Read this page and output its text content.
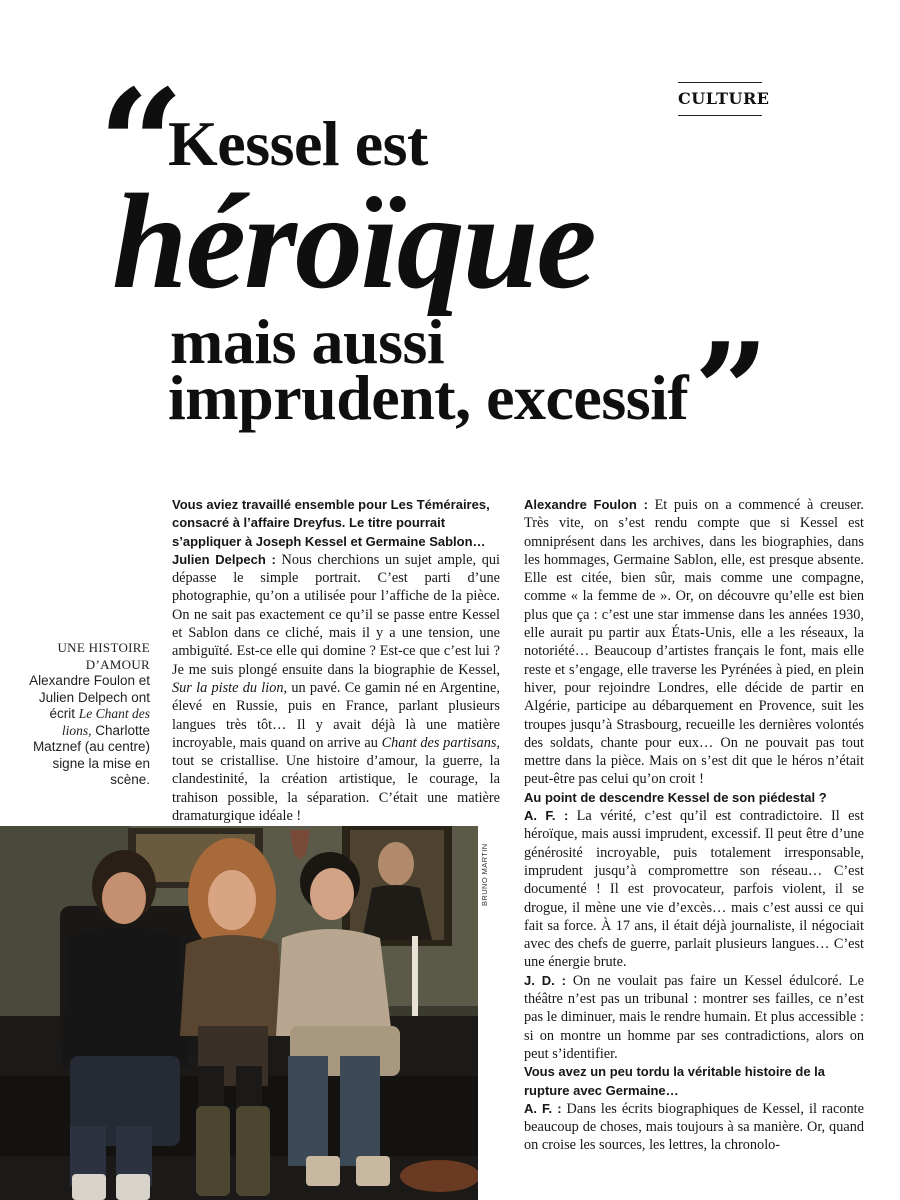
CULTURE
“ Kessel est
héroïque
mais aussi
imprudent, excessif ”
UNE HISTOIRE D’AMOUR
Alexandre Foulon et Julien Delpech ont écrit Le Chant des lions, Charlotte Matznef (au centre) signe la mise en scène.

Vous aviez travaillé ensemble pour Les Téméraires, consacré à l’affaire Dreyfus. Le titre pourrait s’appliquer à Joseph Kessel et Germaine Sablon…

Julien Delpech : Nous cherchions un sujet ample, qui dépasse le simple portrait. C’est parti d’une photographie, qu’on a utilisée pour l’affiche de la pièce. On ne sait pas exactement ce qu’il se passe entre Kessel et Sablon dans ce cliché, mais il y a une tension, une ambiguïté. Est-ce elle qui domine ? Est-ce que c’est lui ? Je me suis plongé ensuite dans la biographie de Kessel, Sur la piste du lion, un pavé. Ce gamin né en Argentine, élevé en Russie, puis en France, parlant plusieurs langues très tôt… Il y avait déjà là une matière incroyable, mais quand on arrive au Chant des partisans, tout se cristallise. Une histoire d’amour, la guerre, la clandestinité, la création artistique, le courage, la trahison possible, la séparation. C’était une matière dramaturgique idéale !

BRUNO MARTIN

Alexandre Foulon : Et puis on a commencé à creuser. Très vite, on s’est rendu compte que si Kessel est omniprésent dans les archives, dans les biographies, dans les hommages, Germaine Sablon, elle, est presque absente. Elle est citée, bien sûr, mais comme une compagne, comme « la femme de ». Or, on découvre qu’elle est bien plus que ça : c’est une star immense dans les années 1930, elle aurait pu partir aux États-Unis, elle a les réseaux, la notoriété… Beaucoup d’artistes français le font, mais elle reste et s’engage, elle traverse les Pyrénées à pied, en plein hiver, pour rejoindre Londres, elle décide de partir en Algérie, participe au débarquement en Provence, suit les troupes jusqu’à Strasbourg, recueille les dernières volontés des soldats, chante pour eux… On ne pouvait pas tout mettre dans la pièce. Mais on s’est dit que le héros n’était peut-être pas celui qu’on croit !

Au point de descendre Kessel de son piédestal ?

A. F. : La vérité, c’est qu’il est contradictoire. Il est héroïque, mais aussi imprudent, excessif. Il peut être d’une générosité incroyable, puis totalement irresponsable, imprudent jusqu’à compromettre son réseau… C’est documenté ! Il est provocateur, parfois violent, il se drogue, il mène une vie d’excès… mais c’est aussi ce qui fait sa force. À 17 ans, il était déjà journaliste, il négociait avec des chefs de guerre, parlait plusieurs langues… C’est une énergie brute.

J. D. : On ne voulait pas faire un Kessel édulcoré. Le théâtre n’est pas un tribunal : montrer ses failles, ce n’est pas le diminuer, mais le rendre humain. Et plus accessible : si on montre un homme par ses contradictions, alors on peut s’identifier.

Vous avez un peu tordu la véritable histoire de la rupture avec Germaine…

A. F. : Dans les écrits biographiques de Kessel, il raconte beaucoup de choses, mais toujours à sa manière. Or, quand on croise les sources, les lettres, la chronolo-
